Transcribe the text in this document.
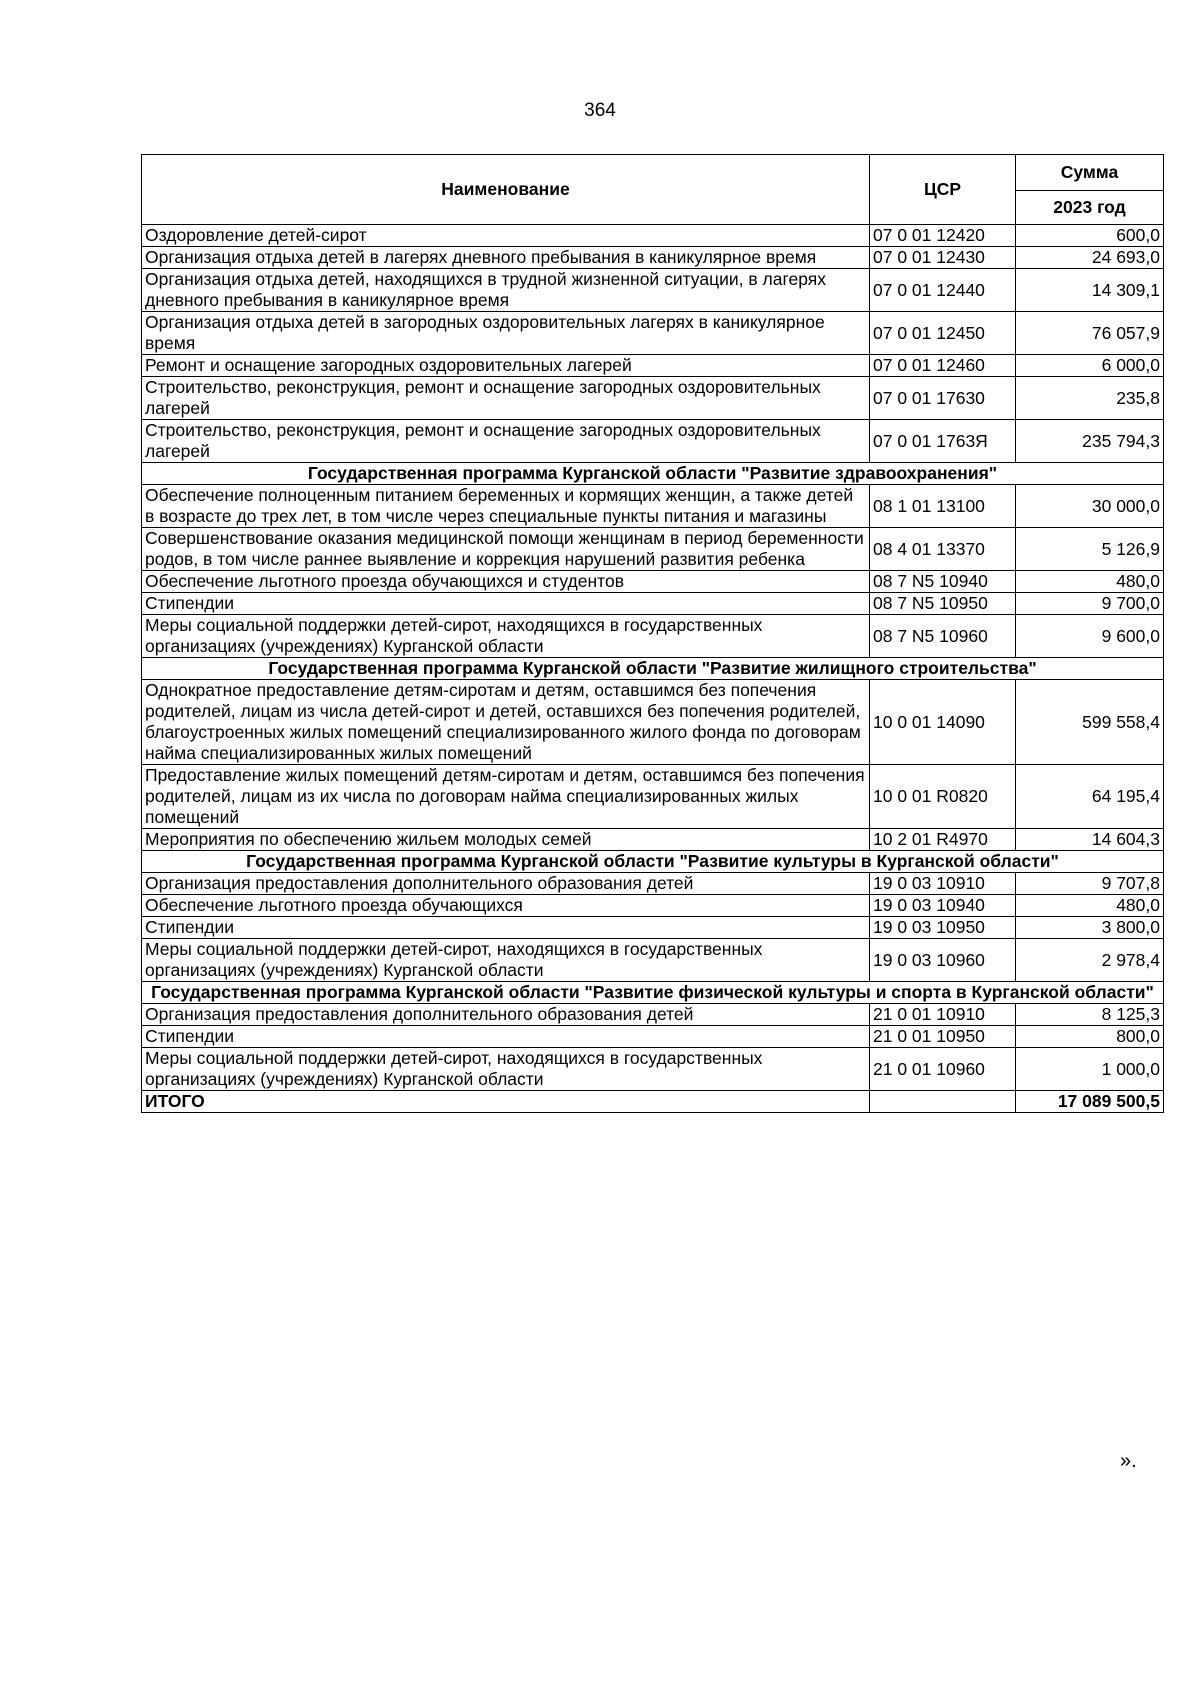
364
Наименование	ЦСР	Сумма
		2023 год
Оздоровление детей-сирот	07 0 01 12420	600,0
Организация отдыха детей в лагерях дневного пребывания в каникулярное время	07 0 01 12430	24 693,0
Организация отдыха детей, находящихся в трудной жизненной ситуации, в лагерях дневного пребывания в каникулярное время	07 0 01 12440	14 309,1
Организация отдыха детей в загородных оздоровительных лагерях в каникулярное время	07 0 01 12450	76 057,9
Ремонт и оснащение загородных оздоровительных лагерей	07 0 01 12460	6 000,0
Строительство, реконструкция, ремонт и оснащение загородных оздоровительных лагерей	07 0 01 17630	235,8
Строительство, реконструкция, ремонт и оснащение загородных оздоровительных лагерей	07 0 01 1763Я	235 794,3
Государственная программа Курганской области "Развитие здравоохранения"		
Обеспечение полноценным питанием беременных и кормящих женщин, а также детей в возрасте до трех лет, в том числе через специальные пункты питания и магазины	08 1 01 13100	30 000,0
Совершенствование оказания медицинской помощи женщинам в период беременности родов, в том числе раннее выявление и коррекция нарушений развития ребенка	08 4 01 13370	5 126,9
Обеспечение льготного проезда обучающихся и студентов	08 7 N5 10940	480,0
Стипендии	08 7 N5 10950	9 700,0
Меры социальной поддержки детей-сирот, находящихся в государственных организациях (учреждениях) Курганской области	08 7 N5 10960	9 600,0
Государственная программа Курганской области "Развитие жилищного строительства"		
Однократное предоставление детям-сиротам и детям, оставшимся без попечения родителей, лицам из числа детей-сирот и детей, оставшихся без попечения родителей, благоустроенных жилых помещений специализированного жилого фонда по договорам найма специализированных жилых помещений	10 0 01 14090	599 558,4
Предоставление жилых помещений детям-сиротам и детям, оставшимся без попечения родителей, лицам из их числа по договорам найма специализированных жилых помещений	10 0 01 R0820	64 195,4
Мероприятия по обеспечению жильем молодых семей	10 2 01 R4970	14 604,3
Государственная программа Курганской области "Развитие культуры в Курганской области"		
Организация предоставления дополнительного образования детей	19 0 03 10910	9 707,8
Обеспечение льготного проезда обучающихся	19 0 03 10940	480,0
Стипендии	19 0 03 10950	3 800,0
Меры социальной поддержки детей-сирот, находящихся в государственных организациях (учреждениях) Курганской области	19 0 03 10960	2 978,4
Государственная программа Курганской области "Развитие физической культуры и спорта в Курганской области"		
Организация предоставления дополнительного образования детей	21 0 01 10910	8 125,3
Стипендии	21 0 01 10950	800,0
Меры социальной поддержки детей-сирот, находящихся в государственных организациях (учреждениях) Курганской области	21 0 01 10960	1 000,0
ИТОГО		17 089 500,5
».
